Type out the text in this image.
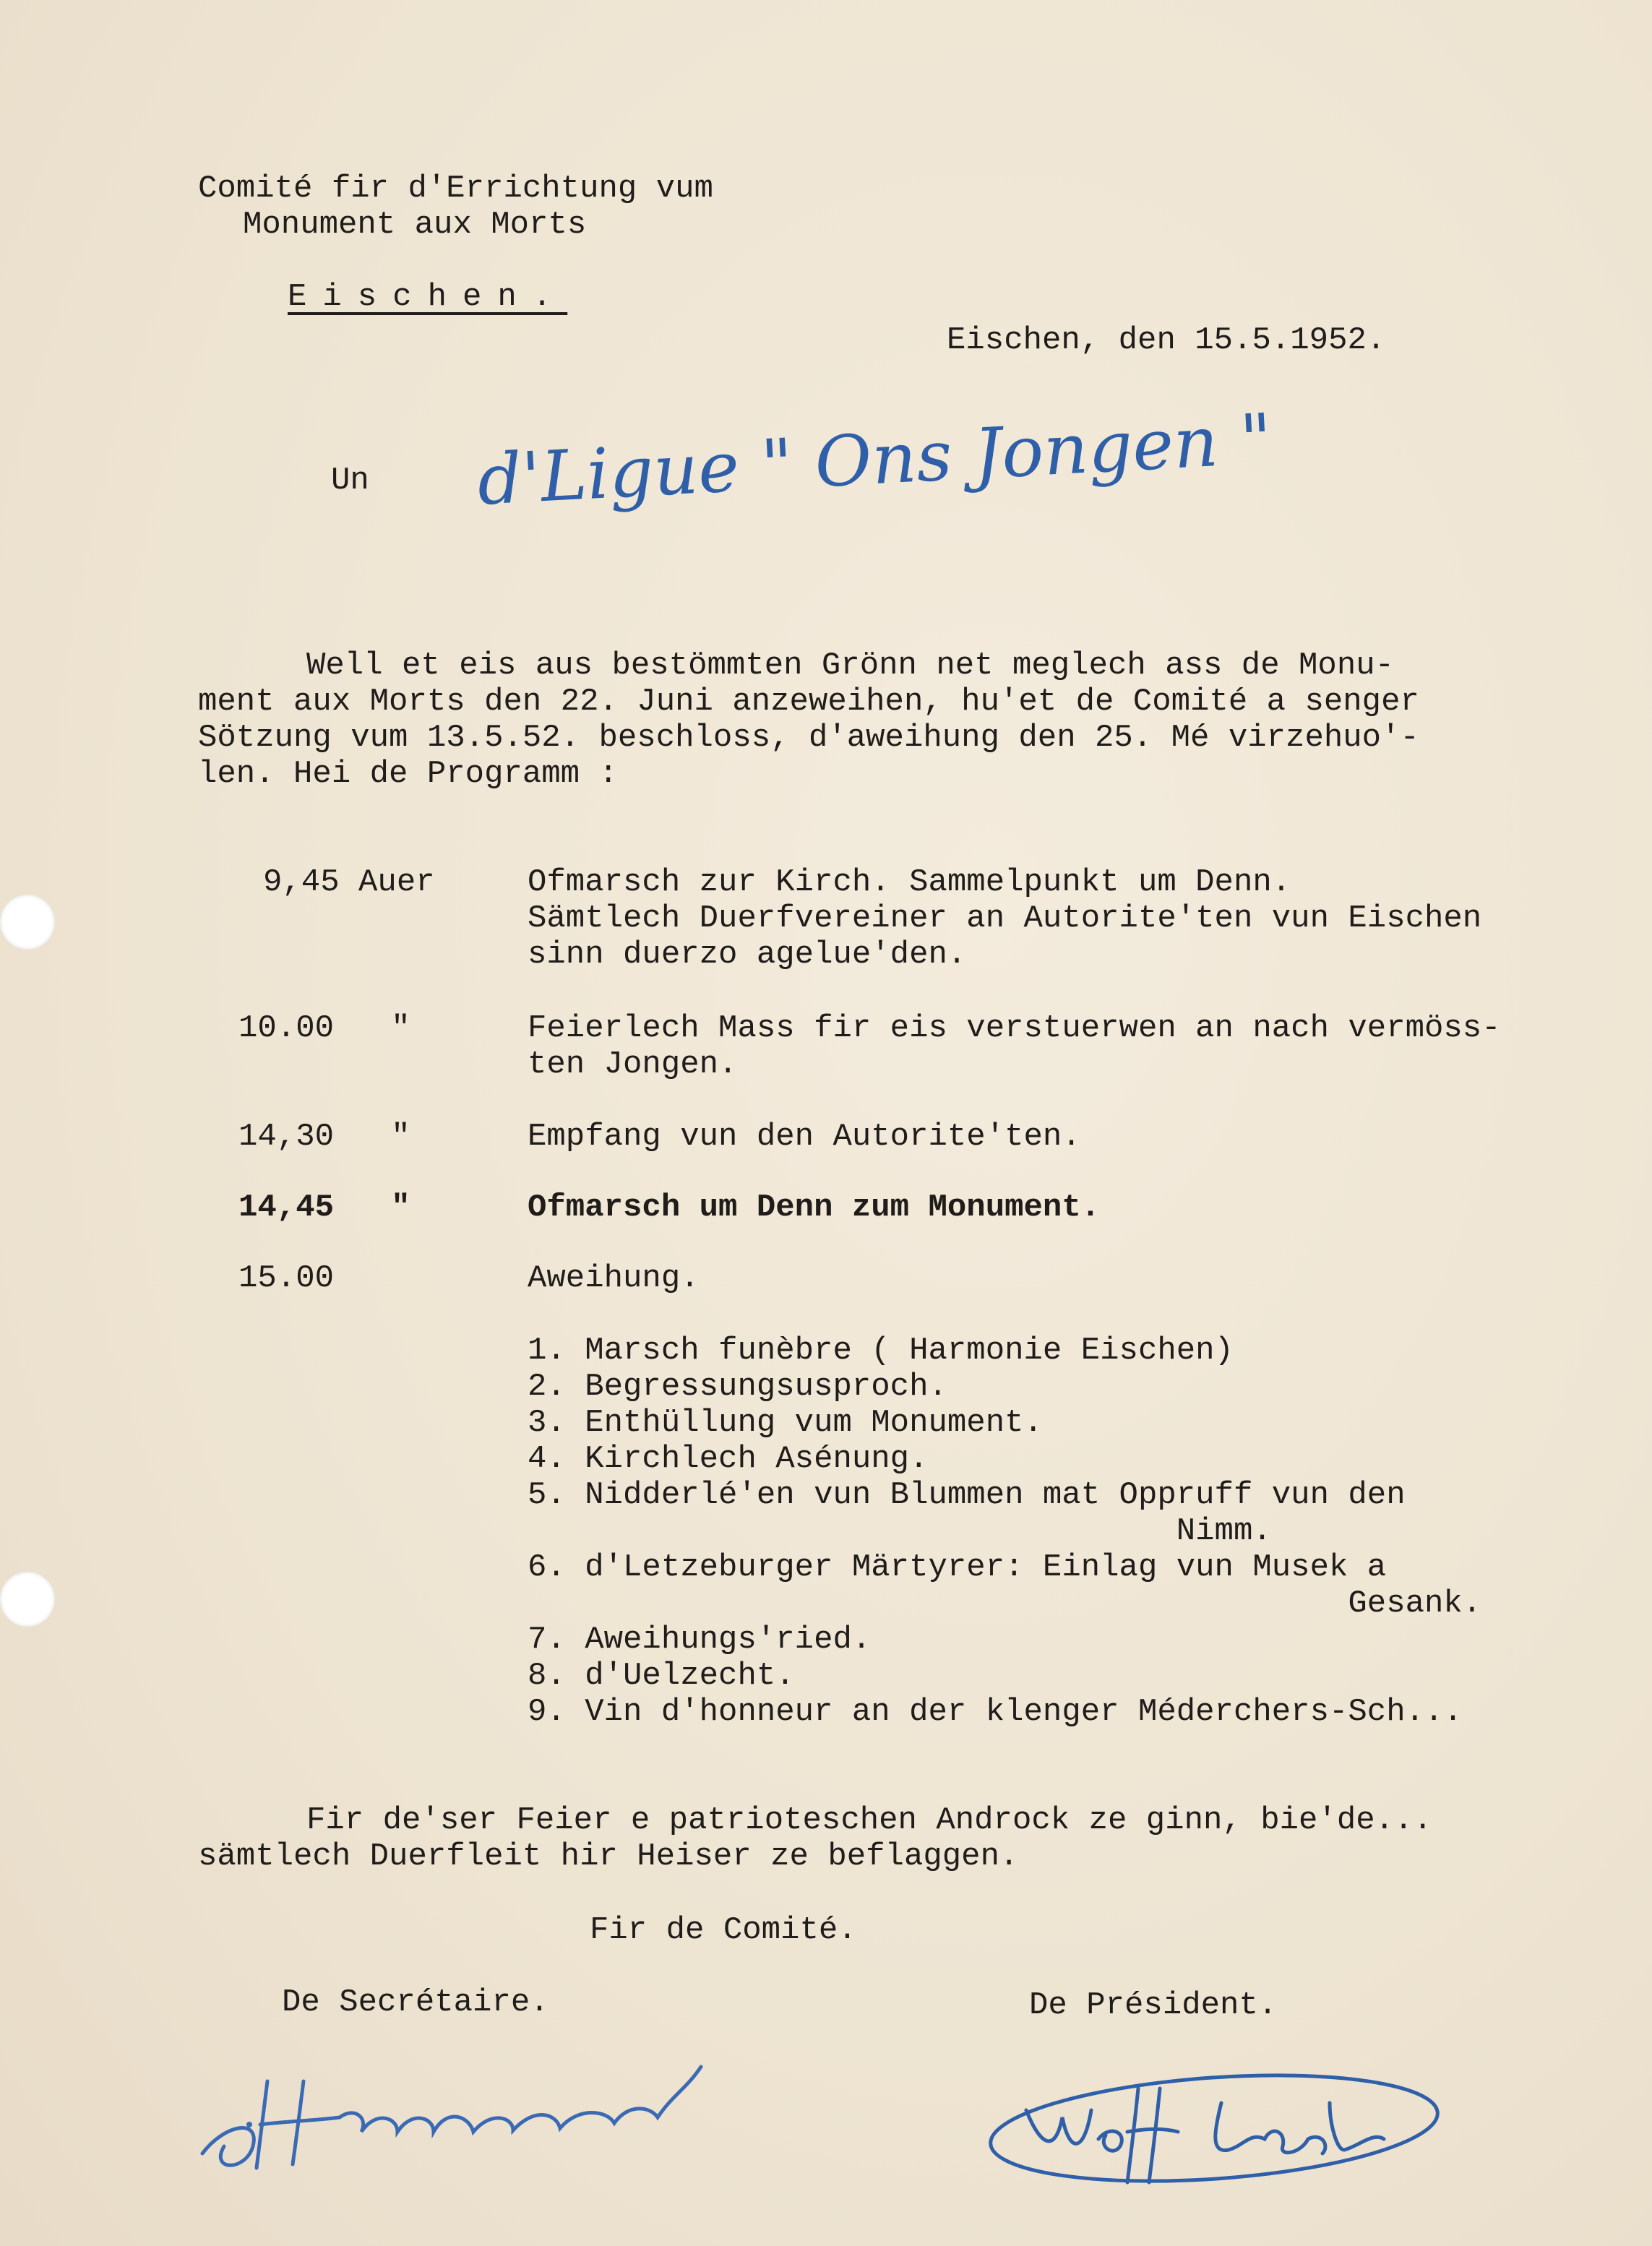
Comité fir d'Errichtung vum
Monument aux Morts
Eischen.
Eischen, den 15.5.1952.
Un d'Ligue " Ons Jongen "
Well et eis aus bestömmten Grönn net meglech ass de Monu-
ment aux Morts den 22. Juni anzeweihen, hu'et de Comité a senger
Sötzung vum 13.5.52. beschloss, d'aweihung den 25. Mé virzehuo'-
len. Hei de Programm :
9,45 Auer	Ofmarsch zur Kirch. Sammelpunkt um Denn.
Sämtlech Duerfvereiner an Autorite'ten vun Eischen
sinn duerzo agelue'den.
10.00   "	Feierlech Mass fir eis verstuerwen an nach vermöss-
ten Jongen.
14,30   "	Empfang vun den Autorite'ten.
14,45   "	Ofmarsch um Denn zum Monument.
15.00	Aweihung.
1. Marsch funèbre ( Harmonie Eischen)
2. Begressungsusproch.
3. Enthüllung vum Monument.
4. Kirchlech Asénung.
5. Nidderlé'en vun Blummen mat Oppruff vun den
Nimm.
6. d'Letzeburger Märtyrer: Einlag vun Musek a
Gesank.
7. Aweihungs'ried.
8. d'Uelzecht.
9. Vin d'honneur an der klenger Méderchers-Sch...
Fir de'ser Feier e patrioteschen Androck ze ginn, bie'de...
sämtlech Duerfleit hir Heiser ze beflaggen.
Fir de Comité.
De Secrétaire.	De Président.
